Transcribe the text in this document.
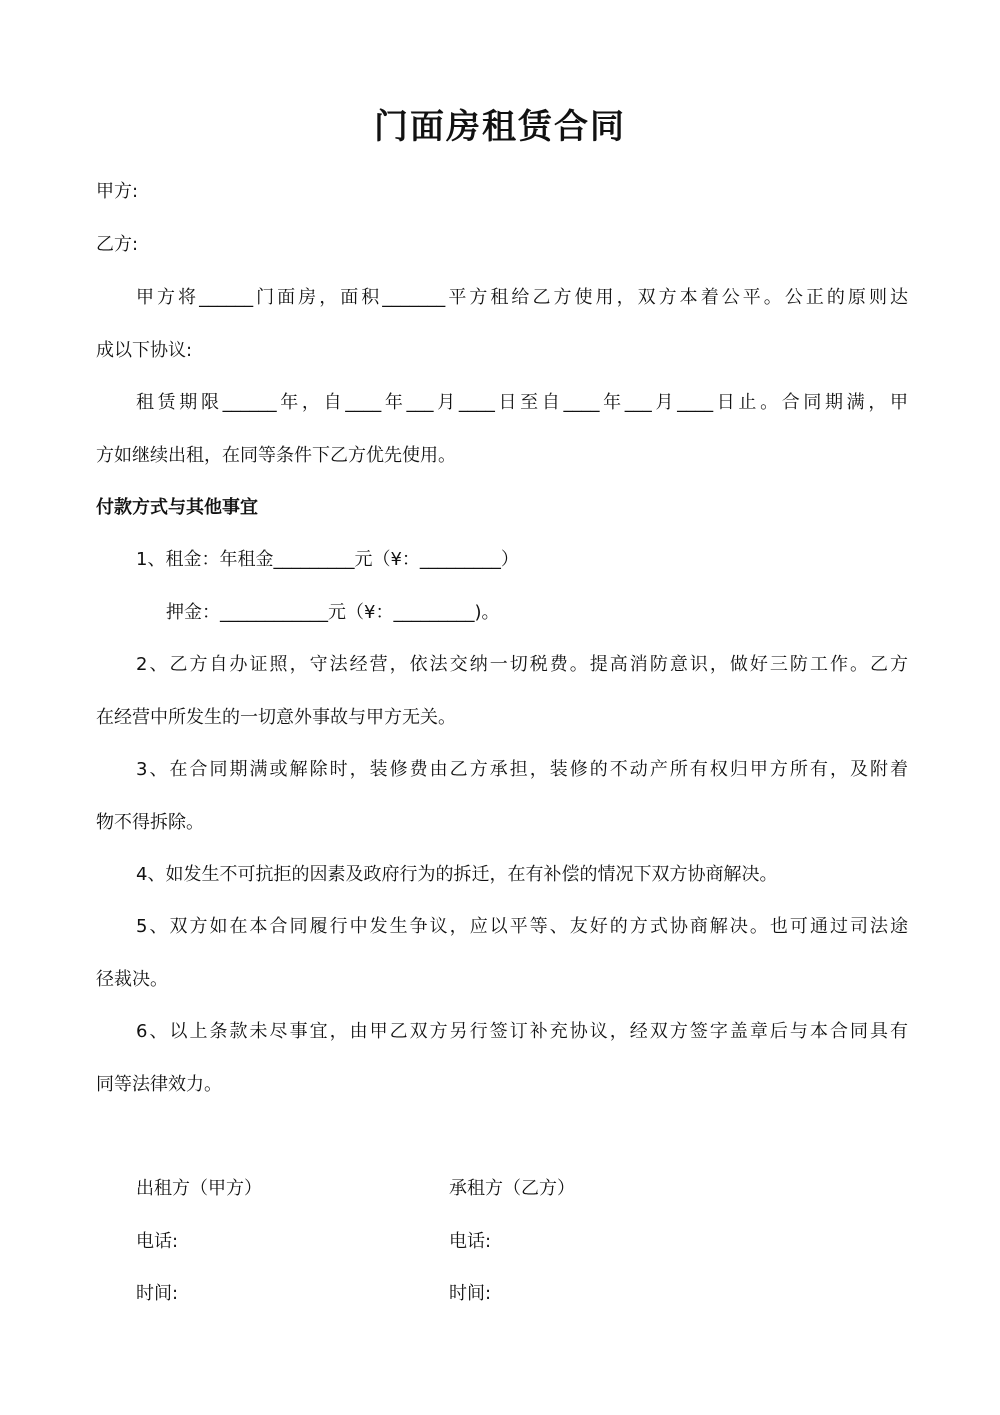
门面房租赁合同
甲方:
乙方:
甲方将______门面房，面积_______平方租给乙方使用，双方本着公平。公正的原则达
成以下协议:
租赁期限______年，自____年___月____日至自____年___月____日止。合同期满，甲
方如继续出租，在同等条件下乙方优先使用。
付款方式与其他事宜
1、租金：年租金_________元（¥：_________）
押金：____________元（¥：_________)。
2、乙方自办证照，守法经营，依法交纳一切税费。提高消防意识，做好三防工作。乙方
在经营中所发生的一切意外事故与甲方无关。
3、在合同期满或解除时，装修费由乙方承担，装修的不动产所有权归甲方所有，及附着
物不得拆除。
4、如发生不可抗拒的因素及政府行为的拆迁，在有补偿的情况下双方协商解决。
5、双方如在本合同履行中发生争议，应以平等、友好的方式协商解决。也可通过司法途
径裁决。
6、以上条款未尽事宜，由甲乙双方另行签订补充协议，经双方签字盖章后与本合同具有
同等法律效力。
出租方（甲方）	承租方（乙方）
电话:	电话:
时间:	时间:
